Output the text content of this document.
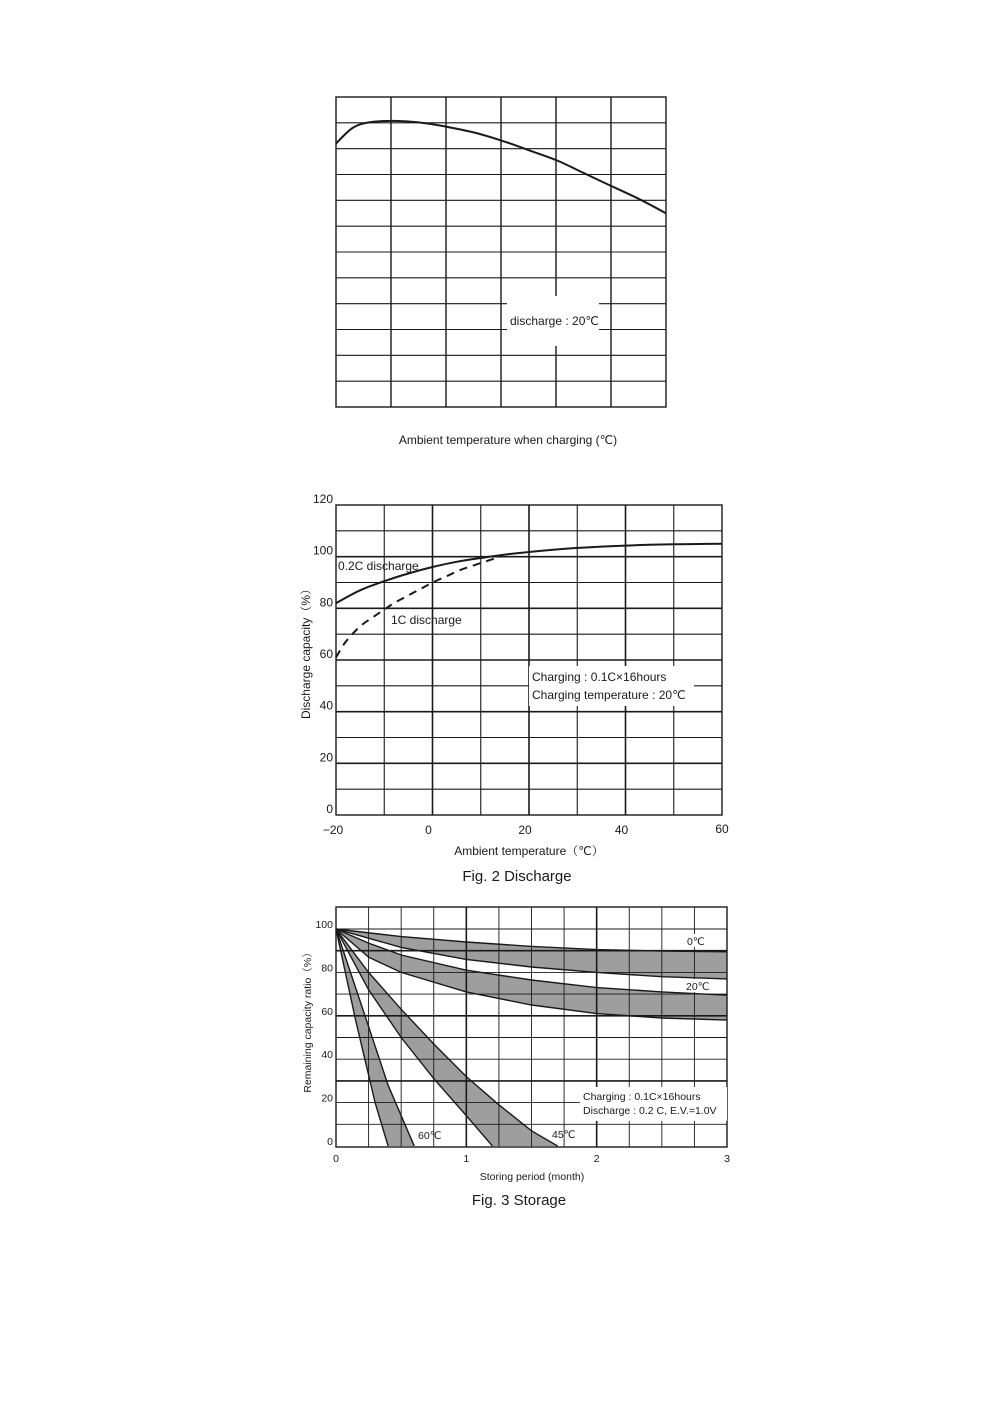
discharge : 20℃
Ambient temperature when charging (℃)
−20	0	20	40	60
0
20
40
60
80
100
120
0.2C discharge
1C discharge
Charging : 0.1C×16hours
Charging temperature : 20℃
Ambient temperature（℃）
Discharge capacity（%）
Fig. 2 Discharge
0	1	2	3
0
20
40
60
80
100
0℃
20℃
45℃
60℃
Charging : 0.1C×16hours
Discharge : 0.2 C, E.V.=1.0V
Storing period (month)
Remaining capacity ratio（%）
Fig. 3 Storage
